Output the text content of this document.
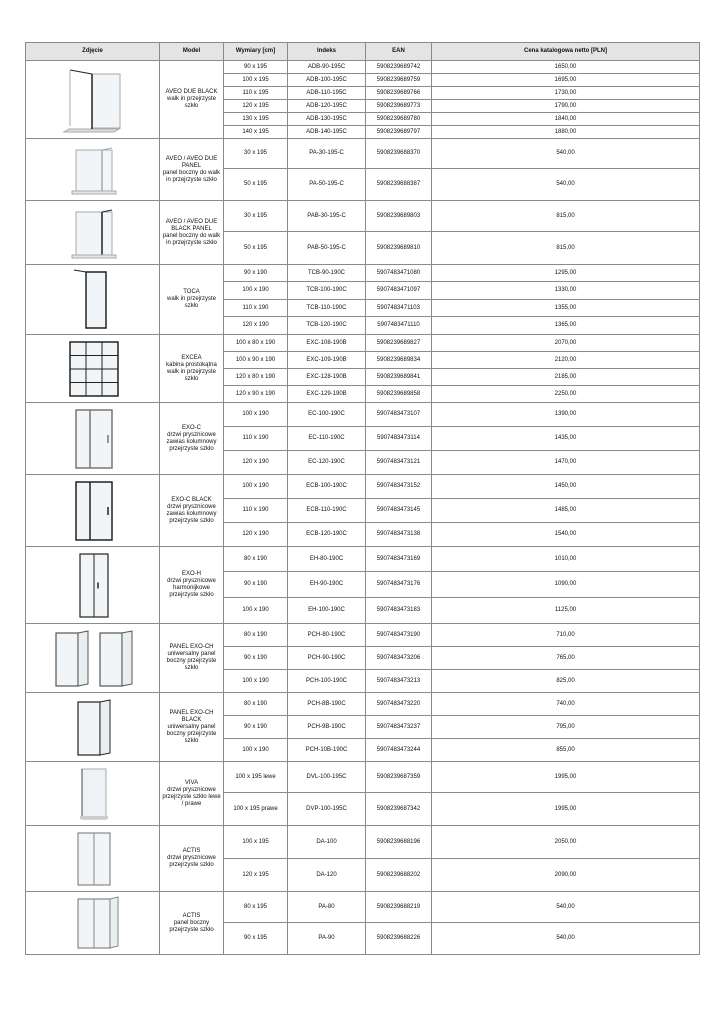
Zdjęcie	Model	Wymiary [cm]	Indeks	EAN	Cena katalogowa netto [PLN]

AVEO DUE BLACK
walk in przejrzyste szkło	90 x 195	ADB-90-195C	5908239689742	1650,00
		100 x 195	ADB-100-195C	5908239689759	1695,00
		110 x 195	ADB-110-195C	5908239689766	1730,00
		120 x 195	ADB-120-195C	5908239689773	1790,00
		130 x 195	ADB-130-195C	5908239689780	1840,00
		140 x 195	ADB-140-195C	5908239689797	1880,00

AVEO / AVEO DUE PANEL
panel boczny do walk in przejrzyste szkło	30 x 195	PA-30-195-C	5908239688370	540,00
		50 x 195	PA-50-195-C	5908239688387	540,00

AVEO / AVEO DUE BLACK PANEL
panel boczny do walk in przejrzyste szkło	30 x 195	PAB-30-195-C	5908239689803	815,00
		50 x 195	PAB-50-195-C	5908239689810	815,00

TOCA
walk in przejrzyste szkło	90 x 190	TCB-90-190C	5907483471080	1295,00
		100 x 190	TCB-100-190C	5907483471097	1330,00
		110 x 190	TCB-110-190C	5907483471103	1355,00
		120 x 190	TCB-120-190C	5907483471110	1365,00

EXCEA
kabina prostokątna walk in przejrzyste szkło	100 x 80 x 190	EXC-108-190B	5908239689827	2070,00
		100 x 90 x 190	EXC-109-190B	5908239689834	2120,00
		120 x 80 x 190	EXC-128-190B	5908239689841	2185,00
		120 x 90 x 190	EXC-129-190B	5908239689858	2250,00

EXO-C
drzwi prysznicowe zawias kolumnowy przejrzyste szkło	100 x 190	EC-100-190C	5907483473107	1390,00
		110 x 190	EC-110-190C	5907483473114	1435,00
		120 x 190	EC-120-190C	5907483473121	1470,00

EXO-C BLACK
drzwi prysznicowe zawias kolumnowy przejrzyste szkło	100 x 190	ECB-100-190C	5907483473152	1450,00
		110 x 190	ECB-110-190C	5907483473145	1485,00
		120 x 190	ECB-120-190C	5907483473138	1540,00

EXO-H
drzwi prysznicowe harmonijkowe przejrzyste szkło	80 x 190	EH-80-190C	5907483473169	1010,00
		90 x 190	EH-90-190C	5907483473176	1090,00
		100 x 190	EH-100-190C	5907483473183	1125,00

PANEL EXO-CH
uniwersalny panel boczny przejrzyste szkło	80 x 190	PCH-80-190C	5907483473190	710,00
		90 x 190	PCH-90-190C	5907483473206	765,00
		100 x 190	PCH-100-190C	5907483473213	825,00

PANEL EXO-CH BLACK
uniwersalny panel boczny przejrzyste szkło	80 x 190	PCH-8B-190C	5907483473220	740,00
		90 x 190	PCH-9B-190C	5907483473237	795,00
		100 x 190	PCH-10B-190C	5907483473244	855,00

VIVA
drzwi prysznicowe przejrzyste szkło lewe / prawe	100 x 195 lewe	DVL-100-195C	5908239687359	1995,00
		100 x 195 prawe	DVP-100-195C	5908239687342	1995,00

ACTIS
drzwi prysznicowe przejrzyste szkło	100 x 195	DA-100	5908239688196	2050,00
		120 x 195	DA-120	5908239688202	2090,00

ACTIS
panel boczny przejrzyste szkło	80 x 195	PA-80	5908239688219	540,00
		90 x 195	PA-90	5908239688226	540,00
